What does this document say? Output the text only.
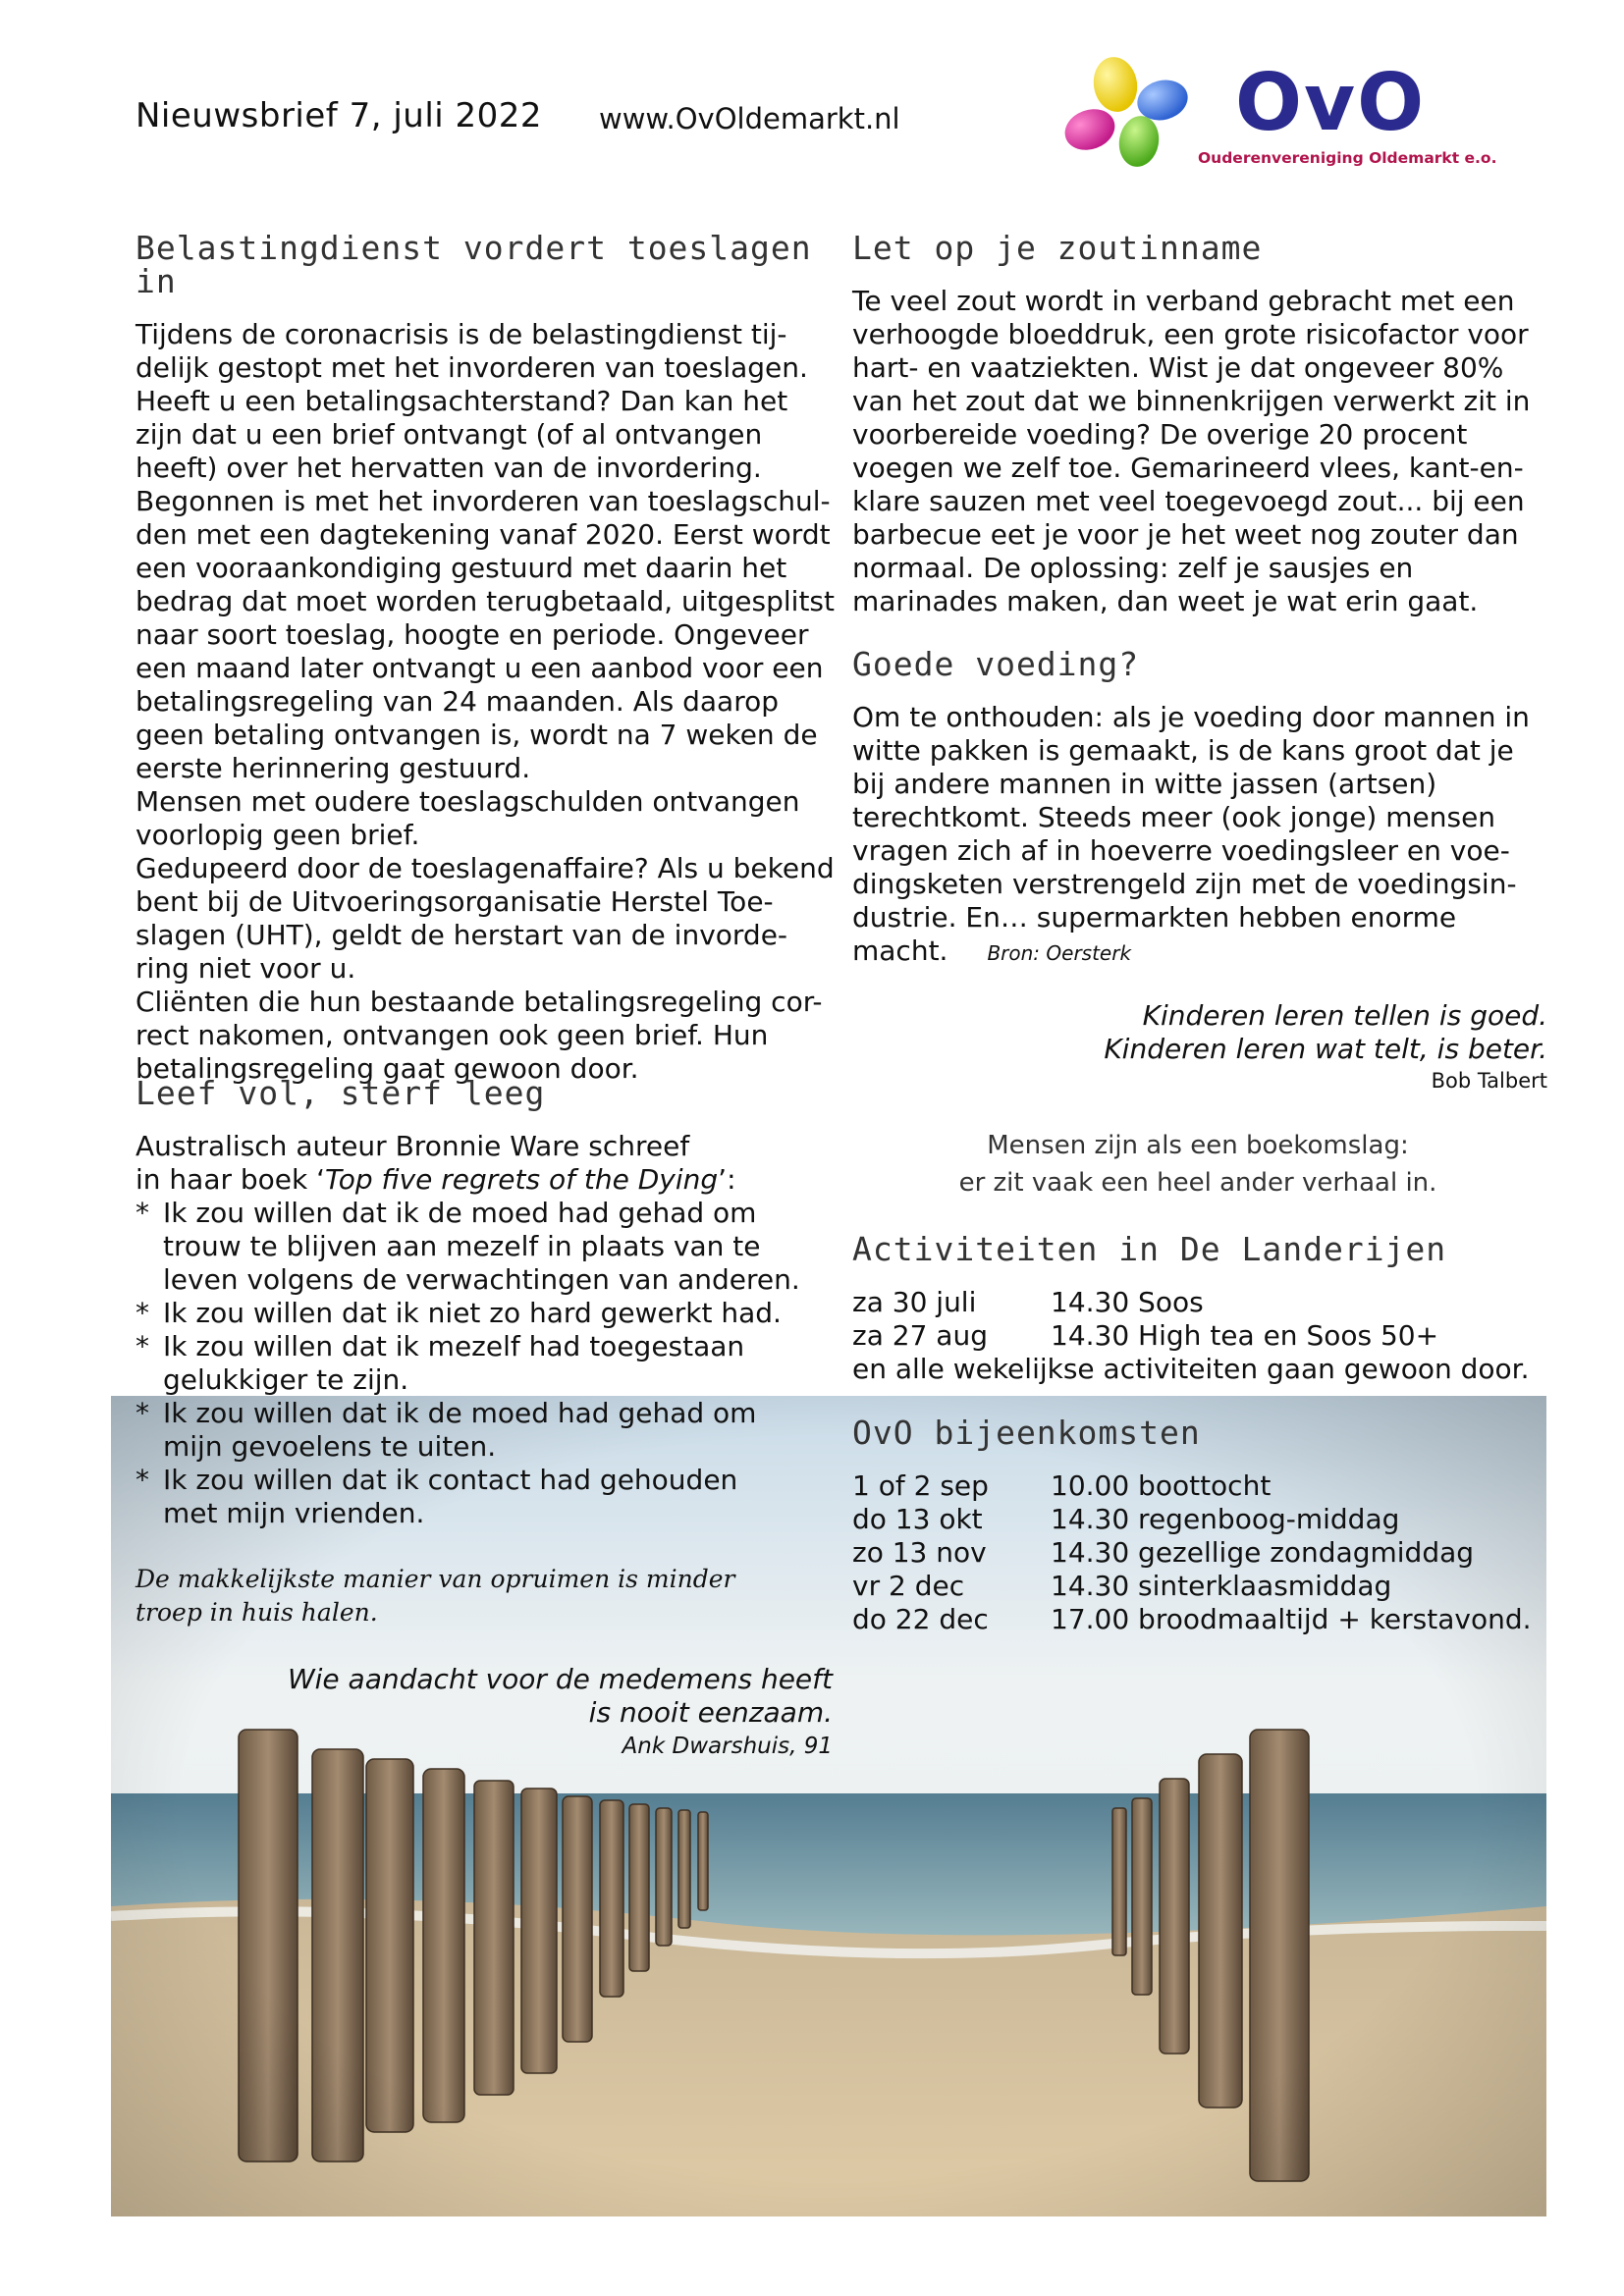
Nieuwsbrief 7, juli 2022 www.OvOldemarkt.nl	OvO
Ouderenvereniging Oldemarkt e.o.
Belastingdienst vordert toeslagen in

Tijdens de coronacrisis is de belastingdienst tij-
delijk gestopt met het invorderen van toeslagen.
Heeft u een betalingsachterstand? Dan kan het
zijn dat u een brief ontvangt (of al ontvangen
heeft) over het hervatten van de invordering.
Begonnen is met het invorderen van toeslagschul-
den met een dagtekening vanaf 2020. Eerst wordt
een vooraankondiging gestuurd met daarin het
bedrag dat moet worden terugbetaald, uitgesplitst
naar soort toeslag, hoogte en periode. Ongeveer
een maand later ontvangt u een aanbod voor een
betalingsregeling van 24 maanden. Als daarop
geen betaling ontvangen is, wordt na 7 weken de
eerste herinnering gestuurd.
Mensen met oudere toeslagschulden ontvangen
voorlopig geen brief.
Gedupeerd door de toeslagenaffaire? Als u bekend
bent bij de Uitvoeringsorganisatie Herstel Toe-
slagen (UHT), geldt de herstart van de invorde-
ring niet voor u.
Cliënten die hun bestaande betalingsregeling cor-
rect nakomen, ontvangen ook geen brief. Hun
betalingsregeling gaat gewoon door.

Leef vol, sterf leeg
Australisch auteur Bronnie Ware schreef
in haar boek ‘Top five regrets of the Dying’:
* Ik zou willen dat ik de moed had gehad om
trouw te blijven aan mezelf in plaats van te
leven volgens de verwachtingen van anderen.
* Ik zou willen dat ik niet zo hard gewerkt had.
* Ik zou willen dat ik mezelf had toegestaan
gelukkiger te zijn.
* Ik zou willen dat ik de moed had gehad om
mijn gevoelens te uiten.
* Ik zou willen dat ik contact had gehouden
met mijn vrienden.
De makkelijkste manier van opruimen is minder
troep in huis halen.
Wie aandacht voor de medemens heeft
is nooit eenzaam.
Ank Dwarshuis, 91
Let op je zoutinname

Te veel zout wordt in verband gebracht met een
verhoogde bloeddruk, een grote risicofactor voor
hart- en vaatziekten. Wist je dat ongeveer 80%
van het zout dat we binnenkrijgen verwerkt zit in
voorbereide voeding? De overige 20 procent
voegen we zelf toe. Gemarineerd vlees, kant-en-
klare sauzen met veel toegevoegd zout... bij een
barbecue eet je voor je het weet nog zouter dan
normaal. De oplossing: zelf je sausjes en
marinades maken, dan weet je wat erin gaat.

Goede voeding?

Om te onthouden: als je voeding door mannen in
witte pakken is gemaakt, is de kans groot dat je
bij andere mannen in witte jassen (artsen)
terechtkomt. Steeds meer (ook jonge) mensen
vragen zich af in hoeverre voedingsleer en voe-
dingsketen verstrengeld zijn met de voedingsin-
dustrie. En… supermarkten hebben enorme

macht. Bron: Oersterk

Kinderen leren tellen is goed.
Kinderen leren wat telt, is beter.
Bob Talbert
Mensen zijn als een boekomslag:
er zit vaak een heel ander verhaal in.
Activiteiten in De Landerijen
za 30 juli	14.30 Soos
za 27 aug	14.30 High tea en Soos 50+
en alle wekelijkse activiteiten gaan gewoon door.
OvO bijeenkomsten
1 of 2 sep	10.00 boottocht
do 13 okt	14.30 regenboog-middag
zo 13 nov	14.30 gezellige zondagmiddag
vr 2 dec	14.30 sinterklaasmiddag
do 22 dec	17.00 broodmaaltijd + kerstavond.
